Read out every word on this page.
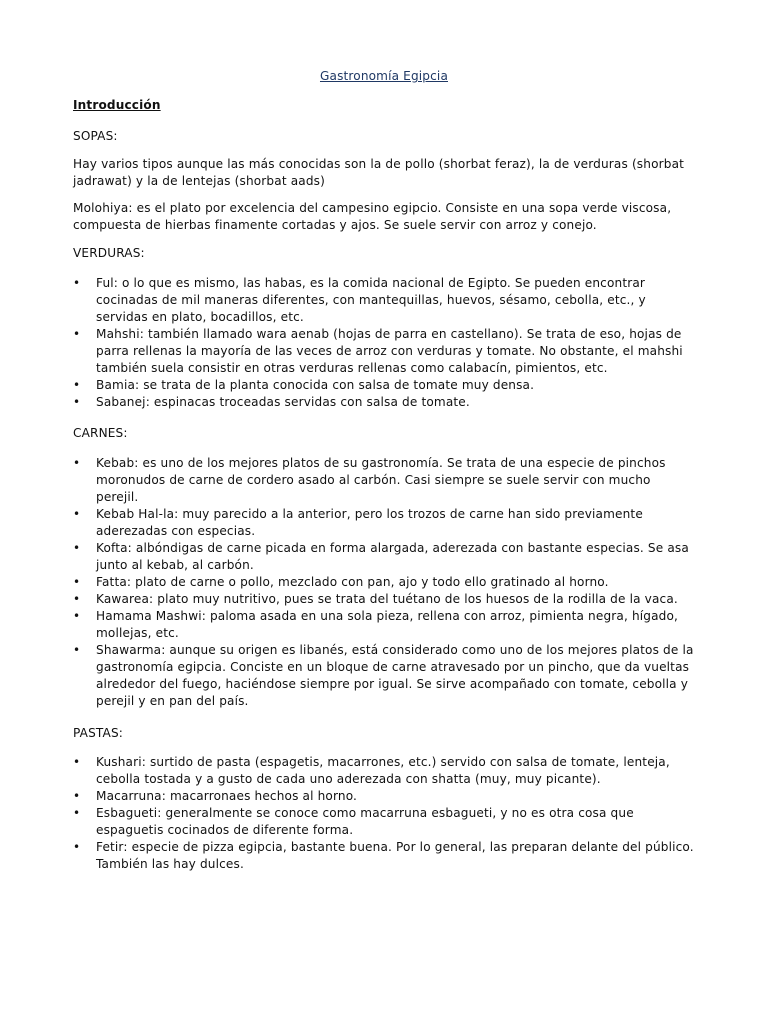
Gastronomía Egipcia

Introducción

SOPAS:

Hay varios tipos aunque las más conocidas son la de pollo (shorbat feraz), la de verduras (shorbat jadrawat) y la de lentejas (shorbat aads)

Molohiya: es el plato por excelencia del campesino egipcio. Consiste en una sopa verde viscosa, compuesta de hierbas finamente cortadas y ajos. Se suele servir con arroz y conejo.

VERDURAS:

• Ful: o lo que es mismo, las habas, es la comida nacional de Egipto. Se pueden encontrar cocinadas de mil maneras diferentes, con mantequillas, huevos, sésamo, cebolla, etc., y servidas en plato, bocadillos, etc.
• Mahshi: también llamado wara aenab (hojas de parra en castellano). Se trata de eso, hojas de parra rellenas la mayoría de las veces de arroz con verduras y tomate. No obstante, el mahshi también suela consistir en otras verduras rellenas como calabacín, pimientos, etc.
• Bamia: se trata de la planta conocida con salsa de tomate muy densa.
• Sabanej: espinacas troceadas servidas con salsa de tomate.

CARNES:

• Kebab: es uno de los mejores platos de su gastronomía. Se trata de una especie de pinchos moronudos de carne de cordero asado al carbón. Casi siempre se suele servir con mucho perejil.
• Kebab Hal-la: muy parecido a la anterior, pero los trozos de carne han sido previamente aderezadas con especias.
• Kofta: albóndigas de carne picada en forma alargada, aderezada con bastante especias. Se asa junto al kebab, al carbón.
• Fatta: plato de carne o pollo, mezclado con pan, ajo y todo ello gratinado al horno.
• Kawarea: plato muy nutritivo, pues se trata del tuétano de los huesos de la rodilla de la vaca.
• Hamama Mashwi: paloma asada en una sola pieza, rellena con arroz, pimienta negra, hígado, mollejas, etc.
• Shawarma: aunque su origen es libanés, está considerado como uno de los mejores platos de la gastronomía egipcia. Conciste en un bloque de carne atravesado por un pincho, que da vueltas alrededor del fuego, haciéndose siempre por igual. Se sirve acompañado con tomate, cebolla y perejil y en pan del país.

PASTAS:

• Kushari: surtido de pasta (espagetis, macarrones, etc.) servido con salsa de tomate, lenteja, cebolla tostada y a gusto de cada uno aderezada con shatta (muy, muy picante).
• Macarruna: macarronaes hechos al horno.
• Esbagueti: generalmente se conoce como macarruna esbagueti, y no es otra cosa que espaguetis cocinados de diferente forma.
• Fetir: especie de pizza egipcia, bastante buena. Por lo general, las preparan delante del público. También las hay dulces.
